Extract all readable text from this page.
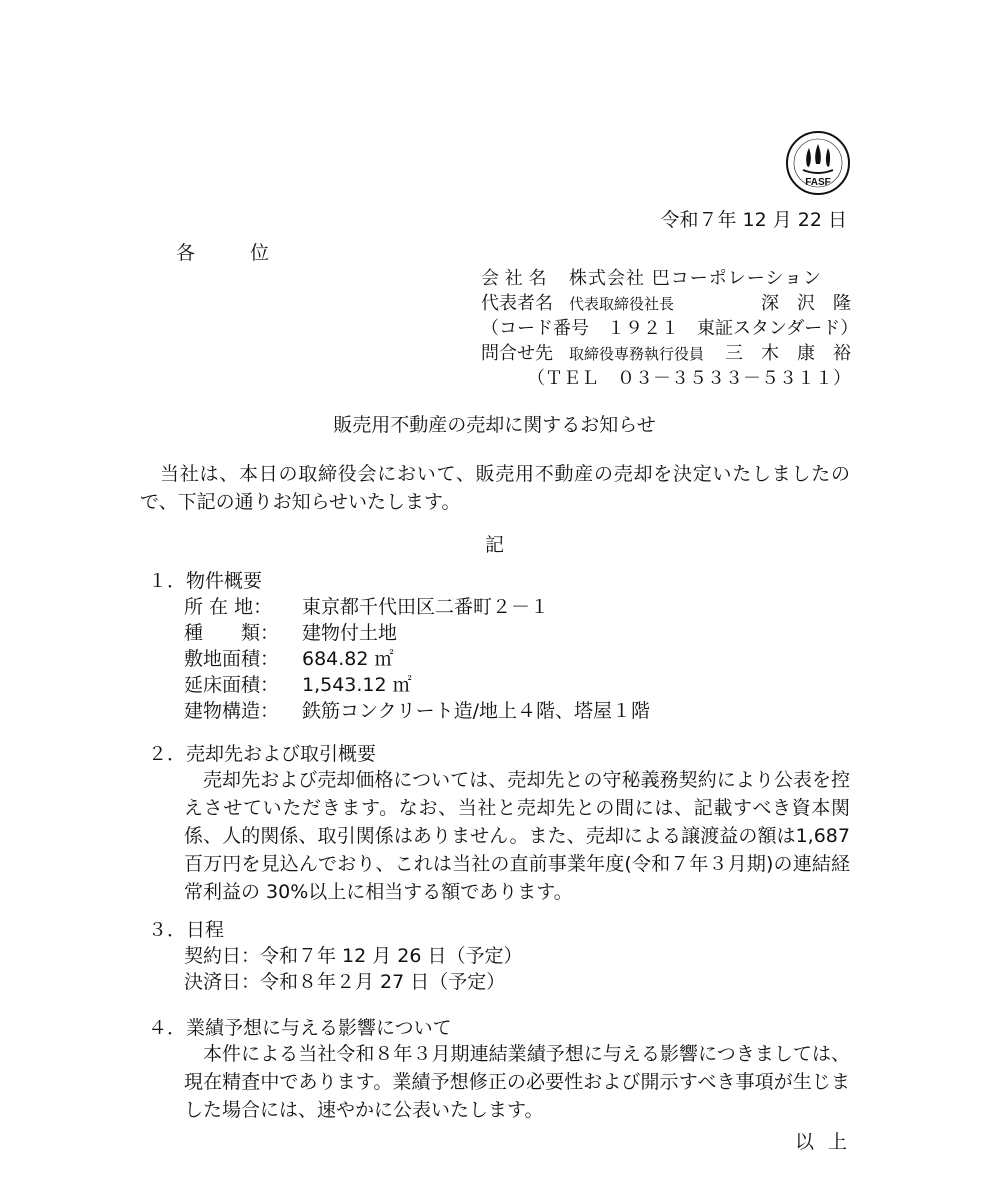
FASF
令和７年 12 月 22 日
各　位
会 社 名 株式会社 巴コーポレーション
代表者名 代表取締役社長	深　沢　隆
（コード番号　１９２１　東証スタンダード）
問合せ先 取締役専務執行役員 三　木　康　裕
（ＴＥＬ　０３－３５３３－５３１１）
販売用不動産の売却に関するお知らせ
当社は、本日の取締役会において、販売用不動産の売却を決定いたしましたので、下記の通りお知らせいたします。
記
１．物件概要
所 在 地：	東京都千代田区二番町２－１
種　　類： 建物付土地
敷地面積： 684.82 ㎡
延床面積： 1,543.12 ㎡
建物構造： 鉄筋コンクリート造/地上４階、塔屋１階
２．売却先および取引概要
売却先および売却価格については、売却先との守秘義務契約により公表を控えさせていただきます。なお、当社と売却先との間には、記載すべき資本関係、人的関係、取引関係はありません。また、売却による譲渡益の額は1,687 百万円を見込んでおり、これは当社の直前事業年度(令和７年３月期)の連結経常利益の 30%以上に相当する額であります。
３．日程
契約日：令和７年 12 月 26 日（予定）
決済日：令和８年２月 27 日（予定）
４．業績予想に与える影響について
本件による当社令和８年３月期連結業績予想に与える影響につきましては、現在精査中であります。業績予想修正の必要性および開示すべき事項が生じました場合には、速やかに公表いたします。
以上
